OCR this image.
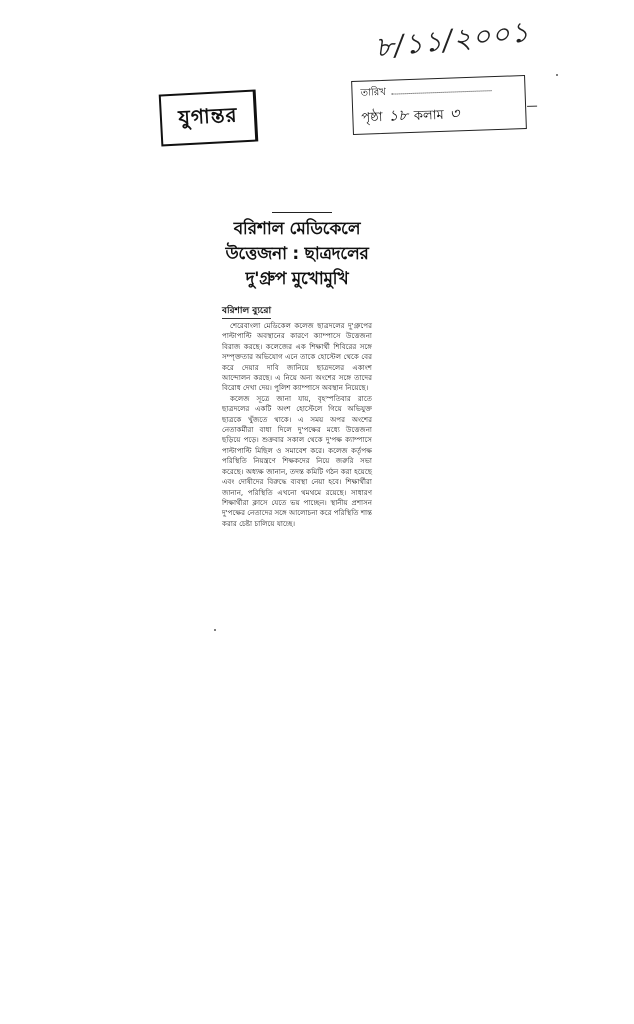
৮/১১/২০০১
যুগান্তর
তারিখ
পৃষ্ঠা ১৮ কলাম ৩
বরিশাল মেডিকেলে
উত্তেজনা : ছাত্রদলের
দু'গ্রুপ মুখোমুখি
বরিশাল ব্যুরো

শেরেবাংলা মেডিকেল কলেজ ছাত্রদলের দু'গ্রুপের পাল্টাপাল্টি অবস্থানের কারণে ক্যাম্পাসে উত্তেজনা বিরাজ করছে। কলেজের এক শিক্ষার্থী শিবিরের সঙ্গে সম্পৃক্ততার অভিযোগ এনে তাকে হোস্টেল থেকে বের করে দেয়ার দাবি জানিয়ে ছাত্রদলের একাংশ আন্দোলন করছে। এ নিয়ে অন্য অংশের সঙ্গে তাদের বিরোধ দেখা দেয়। পুলিশ ক্যাম্পাসে অবস্থান নিয়েছে।

কলেজ সূত্রে জানা যায়, বৃহস্পতিবার রাতে ছাত্রদলের একটি অংশ হোস্টেলে গিয়ে অভিযুক্ত ছাত্রকে খুঁজতে থাকে। এ সময় অপর অংশের নেতাকর্মীরা বাধা দিলে দু'পক্ষের মধ্যে উত্তেজনা ছড়িয়ে পড়ে। শুক্রবার সকাল থেকে দু'পক্ষ ক্যাম্পাসে পাল্টাপাল্টি মিছিল ও সমাবেশ করে। কলেজ কর্তৃপক্ষ পরিস্থিতি নিয়ন্ত্রণে শিক্ষকদের নিয়ে জরুরি সভা করেছে। অধ্যক্ষ জানান, তদন্ত কমিটি গঠন করা হয়েছে এবং দোষীদের বিরুদ্ধে ব্যবস্থা নেয়া হবে। শিক্ষার্থীরা জানান, পরিস্থিতি এখনো থমথমে রয়েছে। সাধারণ শিক্ষার্থীরা ক্লাসে যেতে ভয় পাচ্ছেন। স্থানীয় প্রশাসন দু'পক্ষের নেতাদের সঙ্গে আলোচনা করে পরিস্থিতি শান্ত করার চেষ্টা চালিয়ে যাচ্ছে।
